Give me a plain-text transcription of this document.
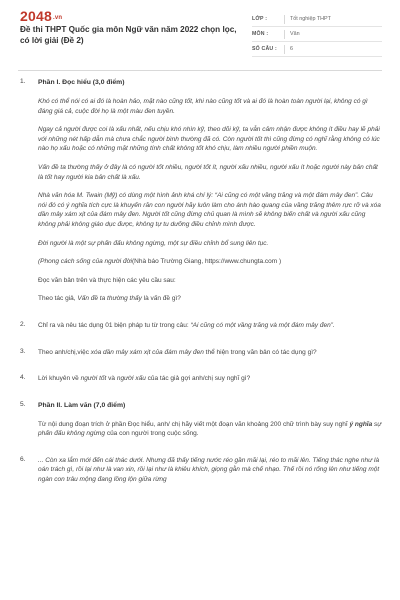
2048.vn
Đề thi THPT Quốc gia môn Ngữ văn năm 2022 chọn lọc, có lời giải (Đề 2)
LỚP :	Tốt nghiệp THPT
MÔN :	Văn
SỐ CÂU :	6
1. Phần I. Đọc hiểu (3,0 điểm)
Khó có thể nói có ai đó là hoàn hảo, mặt nào cũng tốt, khi nào cũng tốt và ai đó là hoàn toàn người lại, không có gì đáng giá cả, cuộc đời họ là một màu đen tuyền.
Ngay cả người được coi là xấu nhất, nếu chịu khó nhìn kỹ, theo dõi kỹ, ta vẫn cảm nhận được không ít điều hay lẽ phải với những nét hấp dẫn mà chưa chắc người bình thường đã có. Còn người tốt thì cũng đừng có nghĩ rằng không có lúc nào họ xấu hoặc có những mặt những tính chất không tốt khó chịu, làm nhiều người phiền muộn.
Vấn đề ta thường thấy ở đây là có người tốt nhiều, người tốt ít, người xấu nhiều, người xấu ít hoặc người này bản chất là tốt hay người kia bản chất là xấu.
Nhà văn hóa M. Twain (Mỹ) có dùng một hình ảnh khá chí lý: “Ai cũng có một vầng trăng và một đám mây đen”. Câu nói đó có ý nghĩa tích cực là khuyến răn con người hãy luôn làm cho ánh hào quang của vầng trăng thêm rực rỡ và xóa dần mây xám xịt của đám mây đen. Người tốt cũng đừng chủ quan là mình sẽ không biến chất và người xấu cũng không phải không giáo dục được, không tự tu dưỡng điều chỉnh mình được.
Đời người là một sự phấn đấu không ngừng, một sự điều chỉnh bổ sung liên tục.
(Phong cách sống của người đời(Nhà báo Trường Giang, https://www.chungta.com )
Đọc văn bản trên và thực hiện các yêu cầu sau:
Theo tác giả, Vấn đề ta thường thấy là vấn đề gì?
2. Chỉ ra và nêu tác dụng 01 biện pháp tu từ trong câu: “Ai cũng có một vầng trăng và một đám mây đen”.
3. Theo anh/chị,việc xóa dần mây xám xịt của đám mây đen thể hiện trong văn bản có tác dụng gì?
4. Lời khuyên về người tốt và người xấu của tác giả gợi anh/chị suy nghĩ gì?
5. Phần II. Làm văn (7,0 điểm)
Từ nội dung đoạn trích ở phần Đọc hiểu, anh/ chị hãy viết một đoạn văn khoảng 200 chữ trình bày suy nghĩ ý nghĩa sự phấn đấu không ngừng của con người trong cuộc sống.
6. ... Còn xa lắm mới đến cái thác dưới. Nhưng đã thấy tiếng nước réo gần mãi lại, réo to mãi lên. Tiếng thác nghe như là oán trách gì, rồi lại như là van xin, rồi lại như là khiêu khích, giọng gằn mà chế nhạo. Thế rồi nó rống lên như tiếng một ngàn con trâu mộng đang lồng lộn giữa rừng
